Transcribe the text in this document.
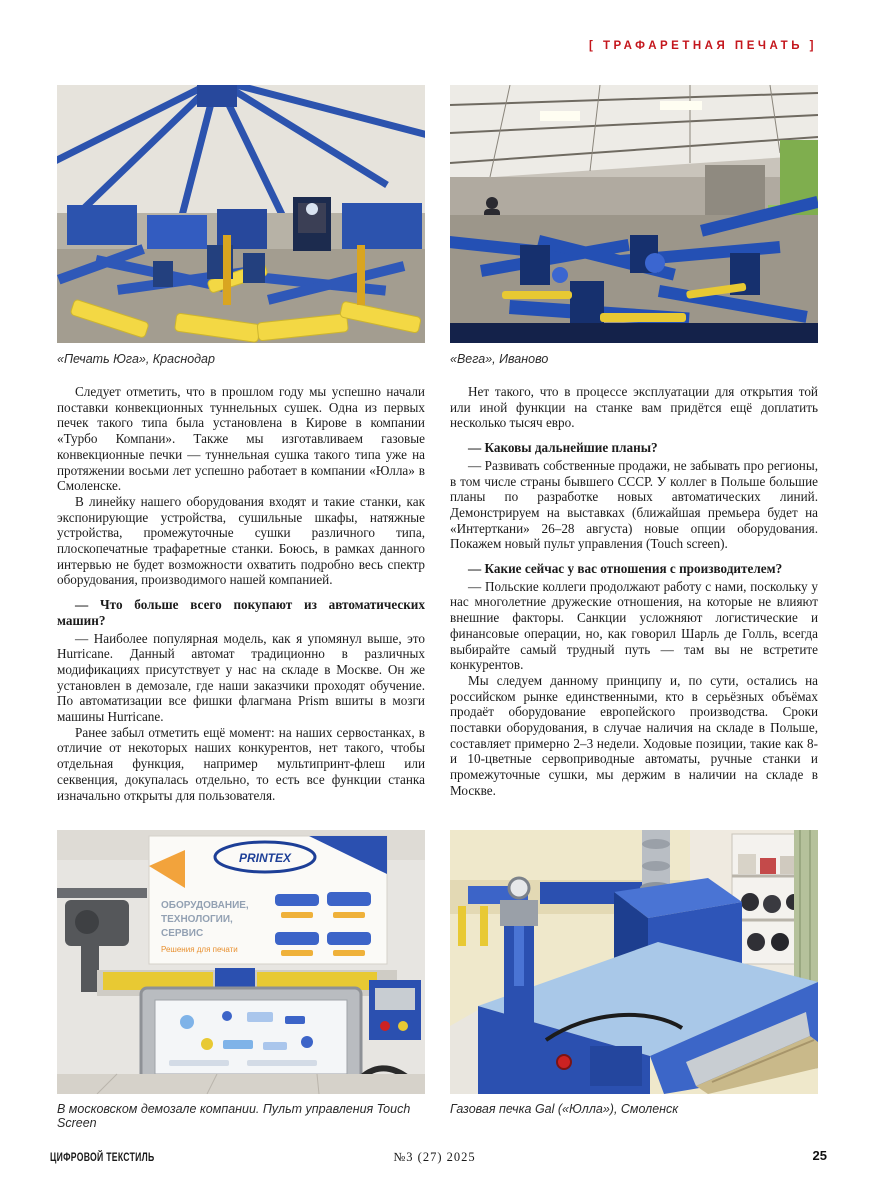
[ ТРАФАРЕТНАЯ ПЕЧАТЬ ]
«Печать Юга», Краснодар	«Вега», Иваново

Следует отметить, что в прошлом году мы успешно начали поставки конвекционных туннельных сушек. Одна из первых печек такого типа была установлена в Кирове в компании «Турбо Компани». Также мы изготавливаем газовые конвекционные печки — туннельная сушка такого типа уже на протяжении восьми лет успешно работает в компании «Юлла» в Смоленске.

В линейку нашего оборудования входят и такие станки, как экспонирующие устройства, сушильные шкафы, натяжные устройства, промежуточные сушки различного типа, плоскопечатные трафаретные станки. Боюсь, в рамках данного интервью не будет возможности охватить подробно весь спектр оборудования, производимого нашей компанией.

— Что больше всего покупают из автоматических машин?

— Наиболее популярная модель, как я упомянул выше, это Hurricane. Данный автомат традиционно в различных модификациях присутствует у нас на складе в Москве. Он же установлен в демозале, где наши заказчики проходят обучение. По автоматизации все фишки флагмана Prism вшиты в мозги машины Hurricane.

Ранее забыл отметить ещё момент: на наших сервостанках, в отличие от некоторых наших конкурентов, нет такого, чтобы отдельная функция, например мультипринт-флеш или секвенция, докупалась отдельно, то есть все функции станка изначально открыты для пользователя.

Нет такого, что в процессе эксплуатации для открытия той или иной функции на станке вам придётся ещё доплатить несколько тысяч евро.

— Каковы дальнейшие планы?

— Развивать собственные продажи, не забывать про регионы, в том числе страны бывшего СССР. У коллег в Польше большие планы по разработке новых автоматических линий. Демонстрируем на выставках (ближайшая премьера будет на «Интерткани» 26–28 августа) новые опции оборудования. Покажем новый пульт управления (Touch screen).

— Какие сейчас у вас отношения с производителем?

— Польские коллеги продолжают работу с нами, поскольку у нас многолетние дружеские отношения, на которые не влияют внешние факторы. Санкции усложняют логистические и финансовые операции, но, как говорил Шарль де Голль, всегда выбирайте самый трудный путь — там вы не встретите конкурентов.

Мы следуем данному принципу и, по сути, остались на российском рынке единственными, кто в серьёзных объёмах продаёт оборудование европейского производства. Сроки поставки оборудования, в случае наличия на складе в Польше, составляет примерно 2–3 недели. Ходовые позиции, такие как 8- и 10-цветные сервоприводные автоматы, ручные станки и промежуточные сушки, мы держим в наличии на складе в Москве.

PRINTEX
ОБОРУДОВАНИЕ,
ТЕХНОЛОГИИ,
СЕРВИС
Решения для печати
В московском демозале компании. Пульт управления Touch Screen
Газовая печка Gal («Юлла»), Смоленск
ЦИФРОВОЙ ТЕКСТИЛЬ	№3 (27) 2025	25
